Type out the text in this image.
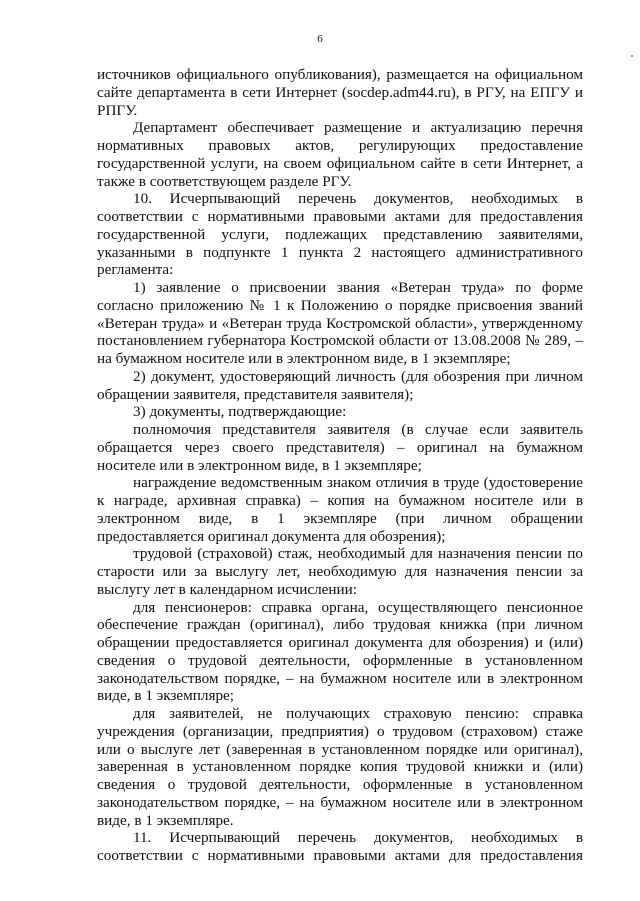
6

источников официального опубликования), размещается на официальном сайте департамента в сети Интернет (socdep.adm44.ru), в РГУ, на ЕПГУ и РПГУ.

Департамент обеспечивает размещение и актуализацию перечня нормативных правовых актов, регулирующих предоставление государственной услуги, на своем официальном сайте в сети Интернет, а также в соответствующем разделе РГУ.

10. Исчерпывающий перечень документов, необходимых в соответствии с нормативными правовыми актами для предоставления государственной услуги, подлежащих представлению заявителями, указанными в подпункте 1 пункта 2 настоящего административного регламента:

1) заявление о присвоении звания «Ветеран труда» по форме согласно приложению № 1 к Положению о порядке присвоения званий «Ветеран труда» и «Ветеран труда Костромской области», утвержденному постановлением губернатора Костромской области от 13.08.2008 № 289, – на бумажном носителе или в электронном виде, в 1 экземпляре;

2) документ, удостоверяющий личность (для обозрения при личном обращении заявителя, представителя заявителя);

3) документы, подтверждающие:

полномочия представителя заявителя (в случае если заявитель обращается через своего представителя) – оригинал на бумажном носителе или в электронном виде, в 1 экземпляре;

награждение ведомственным знаком отличия в труде (удостоверение к награде, архивная справка) – копия на бумажном носителе или в электронном виде, в 1 экземпляре (при личном обращении предоставляется оригинал документа для обозрения);

трудовой (страховой) стаж, необходимый для назначения пенсии по старости или за выслугу лет, необходимую для назначения пенсии за выслугу лет в календарном исчислении:

для пенсионеров: справка органа, осуществляющего пенсионное обеспечение граждан (оригинал), либо трудовая книжка (при личном обращении предоставляется оригинал документа для обозрения) и (или) сведения о трудовой деятельности, оформленные в установленном законодательством порядке, – на бумажном носителе или в электронном виде, в 1 экземпляре;

для заявителей, не получающих страховую пенсию: справка учреждения (организации, предприятия) о трудовом (страховом) стаже или о выслуге лет (заверенная в установленном порядке или оригинал), заверенная в установленном порядке копия трудовой книжки и (или) сведения о трудовой деятельности, оформленные в установленном законодательством порядке, – на бумажном носителе или в электронном виде, в 1 экземпляре.

11. Исчерпывающий перечень документов, необходимых в соответствии с нормативными правовыми актами для предоставления
